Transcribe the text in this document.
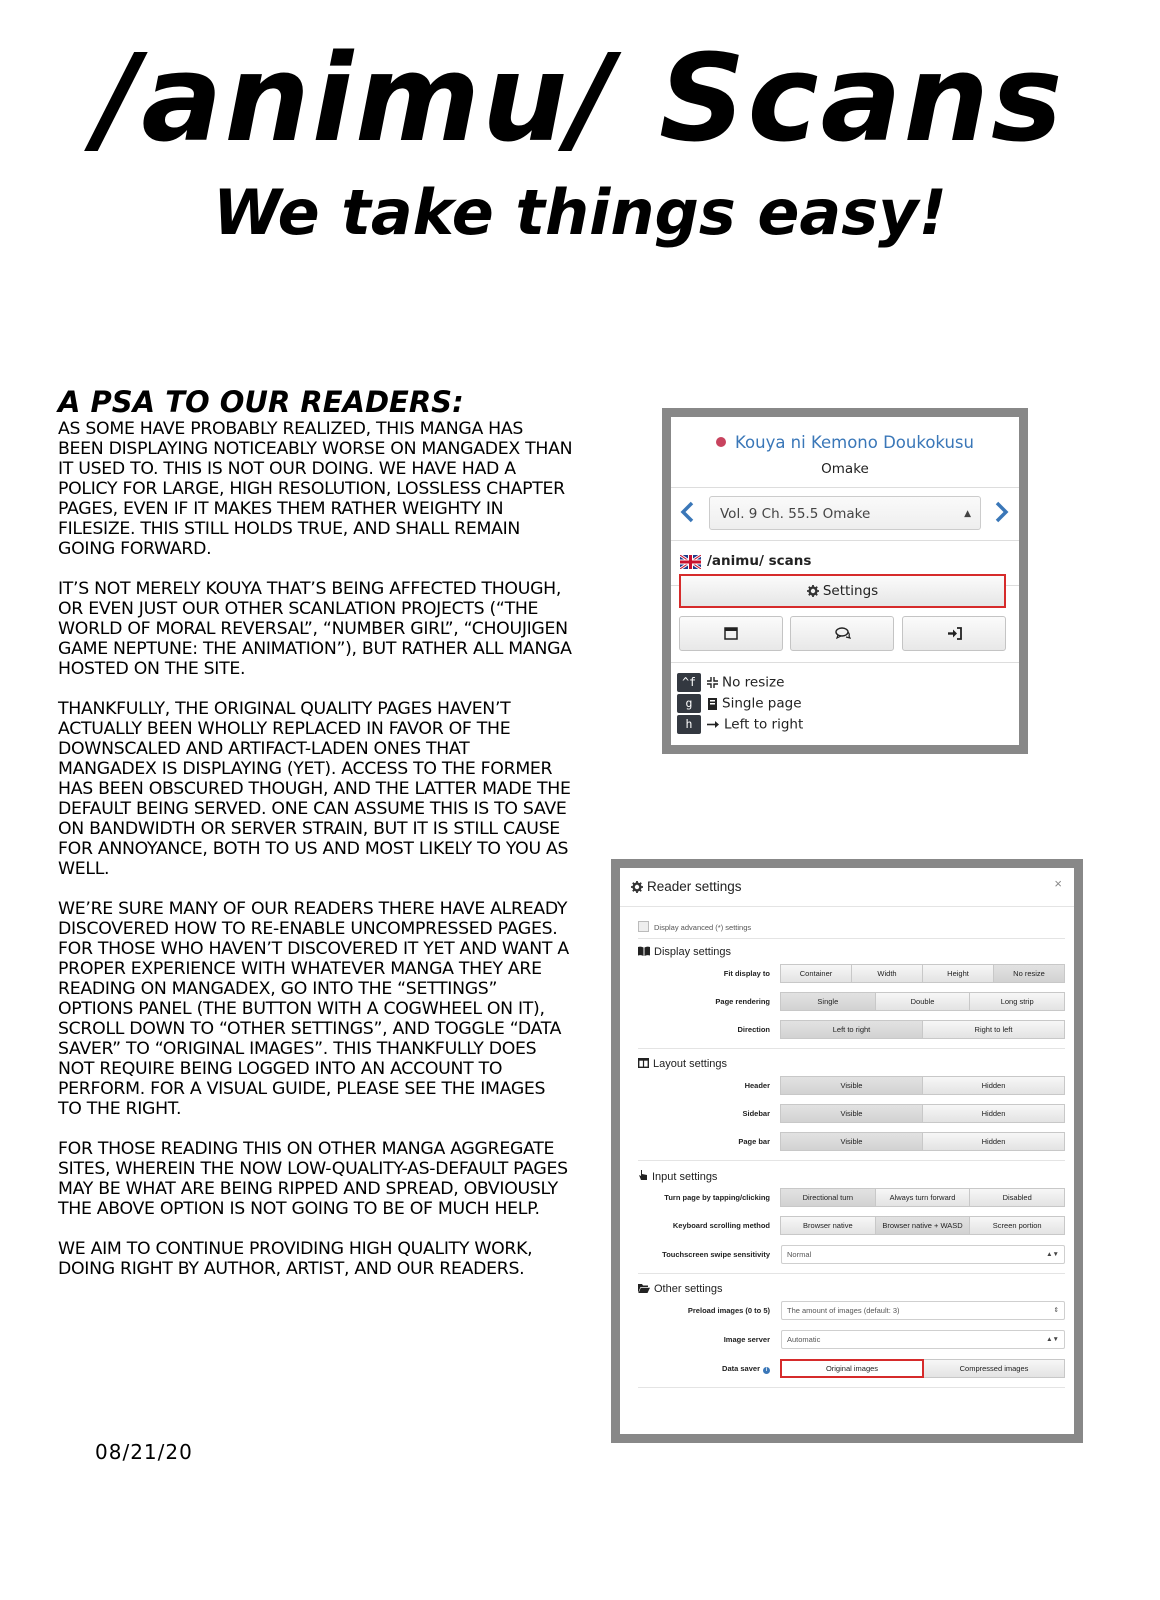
/animu/ Scans
We take things easy!
A PSA TO OUR READERS:

AS SOME HAVE PROBABLY REALIZED, THIS MANGA HAS BEEN DISPLAYING NOTICEABLY WORSE ON MANGADEX THAN IT USED TO. THIS IS NOT OUR DOING. WE HAVE HAD A POLICY FOR LARGE, HIGH RESOLUTION, LOSSLESS CHAPTER PAGES, EVEN IF IT MAKES THEM RATHER WEIGHTY IN FILESIZE. THIS STILL HOLDS TRUE, AND SHALL REMAIN GOING FORWARD.

IT’S NOT MERELY KOUYA THAT’S BEING AFFECTED THOUGH, OR EVEN JUST OUR OTHER SCANLATION PROJECTS (“THE WORLD OF MORAL REVERSAL”, “NUMBER GIRL”, “CHOUJIGEN GAME NEPTUNE: THE ANIMATION”), BUT RATHER ALL MANGA HOSTED ON THE SITE.

THANKFULLY, THE ORIGINAL QUALITY PAGES HAVEN’T ACTUALLY BEEN WHOLLY REPLACED IN FAVOR OF THE DOWNSCALED AND ARTIFACT-LADEN ONES THAT MANGADEX IS DISPLAYING (YET). ACCESS TO THE FORMER HAS BEEN OBSCURED THOUGH, AND THE LATTER MADE THE DEFAULT BEING SERVED. ONE CAN ASSUME THIS IS TO SAVE ON BANDWIDTH OR SERVER STRAIN, BUT IT IS STILL CAUSE FOR ANNOYANCE, BOTH TO US AND MOST LIKELY TO YOU AS WELL.

WE’RE SURE MANY OF OUR READERS THERE HAVE ALREADY DISCOVERED HOW TO RE-ENABLE UNCOMPRESSED PAGES. FOR THOSE WHO HAVEN’T DISCOVERED IT YET AND WANT A PROPER EXPERIENCE WITH WHATEVER MANGA THEY ARE READING ON MANGADEX, GO INTO THE “SETTINGS” OPTIONS PANEL (THE BUTTON WITH A COGWHEEL ON IT), SCROLL DOWN TO “OTHER SETTINGS”, AND TOGGLE “DATA SAVER” TO “ORIGINAL IMAGES”. THIS THANKFULLY DOES NOT REQUIRE BEING LOGGED INTO AN ACCOUNT TO PERFORM. FOR A VISUAL GUIDE, PLEASE SEE THE IMAGES TO THE RIGHT.

FOR THOSE READING THIS ON OTHER MANGA AGGREGATE SITES, WHEREIN THE NOW LOW-QUALITY-AS-DEFAULT PAGES MAY BE WHAT ARE BEING RIPPED AND SPREAD, OBVIOUSLY THE ABOVE OPTION IS NOT GOING TO BE OF MUCH HELP.

WE AIM TO CONTINUE PROVIDING HIGH QUALITY WORK, DOING RIGHT BY AUTHOR, ARTIST, AND OUR READERS.

08/21/20
Kouya ni Kemono Doukokusu
Omake
Vol. 9 Ch. 55.5 Omake	▲

/animu/ scans
Settings
^f No resize
g Single page
h Left to right
Reader settings	×
Display advanced (*) settings
Display settings
Fit display to	Container	Width	Height	No resize
Page rendering	Single	Double	Long strip
Direction	Left to right	Right to left
Layout settings
Header	Visible	Hidden
Sidebar	Visible	Hidden
Page bar	Visible	Hidden
Input settings
Turn page by tapping/clicking	Directional turn	Always turn forward	Disabled
Keyboard scrolling method	Browser native	Browser native + WASD	Screen portion
Touchscreen swipe sensitivity	Normal	▲▼
Other settings
Preload images (0 to 5)	The amount of images (default: 3)	⇕
Image server	Automatic	▲▼
Data saver i	Original images	Compressed images
